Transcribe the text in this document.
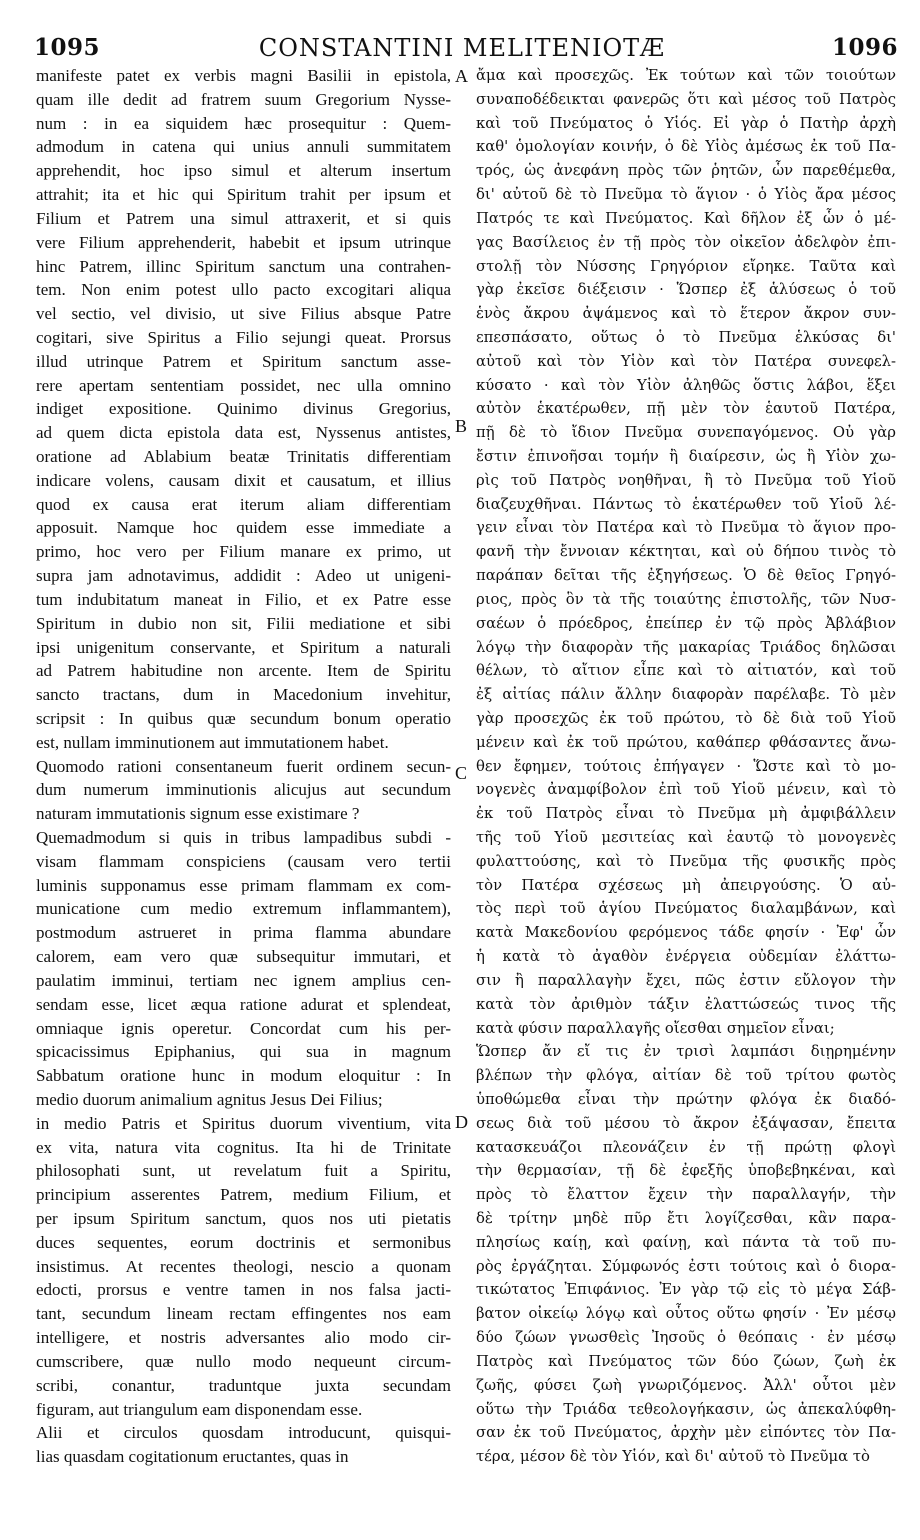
1095	CONSTANTINI MELITENIOTÆ	1096
manifeste patet ex verbis magni Basilii in epistola,
quam ille dedit ad fratrem suum Gregorium Nysse-
num : in ea siquidem hæc prosequitur : Quem-
admodum in catena qui unius annuli summitatem
apprehendit, hoc ipso simul et alterum insertum
attrahit; ita et hic qui Spiritum trahit per ipsum et
Filium et Patrem una simul attraxerit, et si quis
vere Filium apprehenderit, habebit et ipsum utrinque
hinc Patrem, illinc Spiritum sanctum una contrahen-
tem. Non enim potest ullo pacto excogitari aliqua
vel sectio, vel divisio, ut sive Filius absque Patre
cogitari, sive Spiritus a Filio sejungi queat. Prorsus
illud utrinque Patrem et Spiritum sanctum asse-
rere apertam sententiam possidet, nec ulla omnino
indiget expositione. Quinimo divinus Gregorius,
ad quem dicta epistola data est, Nyssenus antistes,
oratione ad Ablabium beatæ Trinitatis differentiam
indicare volens, causam dixit et causatum, et illius
quod ex causa erat iterum aliam differentiam
apposuit. Namque hoc quidem esse immediate a
primo, hoc vero per Filium manare ex primo, ut
supra jam adnotavimus, addidit : Adeo ut unigeni-
tum indubitatum maneat in Filio, et ex Patre esse
Spiritum in dubio non sit, Filii mediatione et sibi
ipsi unigenitum conservante, et Spiritum a naturali
ad Patrem habitudine non arcente. Item de Spiritu
sancto tractans, dum in Macedonium invehitur,
scripsit : In quibus quæ secundum bonum operatio
est, nullam imminutionem aut immutationem habet.
Quomodo rationi consentaneum fuerit ordinem secun-
dum numerum imminutionis alicujus aut secundum
naturam immutationis signum esse existimare ?
Quemadmodum si quis in tribus lampadibus subdi -
visam flammam conspiciens (causam vero tertii
luminis supponamus esse primam flammam ex com-
municatione cum medio extremum inflammantem),
postmodum astrueret in prima flamma abundare
calorem, eam vero quæ subsequitur immutari, et
paulatim imminui, tertiam nec ignem amplius cen-
sendam esse, licet æqua ratione adurat et splendeat,
omniaque ignis operetur. Concordat cum his per-
spicacissimus Epiphanius, qui sua in magnum
Sabbatum oratione hunc in modum eloquitur : In
medio duorum animalium agnitus Jesus Dei Filius;
in medio Patris et Spiritus duorum viventium, vita
ex vita, natura vita cognitus. Ita hi de Trinitate
philosophati sunt, ut revelatum fuit a Spiritu,
principium asserentes Patrem, medium Filium, et
per ipsum Spiritum sanctum, quos nos uti pietatis
duces sequentes, eorum doctrinis et sermonibus
insistimus. At recentes theologi, nescio a quonam
edocti, prorsus e ventre tamen in nos falsa jacti-
tant, secundum lineam rectam effingentes nos eam
intelligere, et nostris adversantes alio modo cir-
cumscribere, quæ nullo modo nequeunt circum-
scribi, conantur, traduntque juxta secundam
figuram, aut triangulum eam disponendam esse.
Alii et circulos quosdam introducunt, quisqui-
lias quasdam cogitationum eructantes, quas in
ἄμα καὶ προσεχῶς. Ἐκ τούτων καὶ τῶν τοιούτων
συναποδέδεικται φανερῶς ὅτι καὶ μέσος τοῦ Πατρὸς
καὶ τοῦ Πνεύματος ὁ Υἱός. Εἰ γὰρ ὁ Πατὴρ ἀρχὴ
καθ' ὁμολογίαν κοινήν, ὁ δὲ Υἱὸς ἀμέσως ἐκ τοῦ Πα-
τρός, ὡς ἀνεφάνη πρὸς τῶν ῥητῶν, ὧν παρεθέμεθα,
δι' αὐτοῦ δὲ τὸ Πνεῦμα τὸ ἅγιον · ὁ Υἱὸς ἄρα μέσος
Πατρός τε καὶ Πνεύματος. Καὶ δῆλον ἐξ ὧν ὁ μέ-
γας Βασίλειος ἐν τῇ πρὸς τὸν οἰκεῖον ἀδελφὸν ἐπι-
στολῇ τὸν Νύσσης Γρηγόριον εἴρηκε. Ταῦτα καὶ
γὰρ ἐκεῖσε διέξεισιν · Ὥσπερ ἐξ ἁλύσεως ὁ τοῦ
ἑνὸς ἄκρου ἀψάμενος καὶ τὸ ἕτερον ἄκρον συν-
επεσπάσατο, οὕτως ὁ τὸ Πνεῦμα ἑλκύσας δι'
αὐτοῦ καὶ τὸν Υἱὸν καὶ τὸν Πατέρα συνεφελ-
κύσατο · καὶ τὸν Υἱὸν ἀληθῶς ὅστις λάβοι, ἕξει
αὐτὸν ἑκατέρωθεν, πῇ μὲν τὸν ἑαυτοῦ Πατέρα,
πῇ δὲ τὸ ἴδιον Πνεῦμα συνεπαγόμενος. Οὐ γὰρ
ἔστιν ἐπινοῆσαι τομήν ἢ διαίρεσιν, ὡς ἢ Υἱὸν χω-
ρὶς τοῦ Πατρὸς νοηθῆναι, ἢ τὸ Πνεῦμα τοῦ Υἱοῦ
διαζευχθῆναι. Πάντως τὸ ἑκατέρωθεν τοῦ Υἱοῦ λέ-
γειν εἶναι τὸν Πατέρα καὶ τὸ Πνεῦμα τὸ ἅγιον προ-
φανῆ τὴν ἔννοιαν κέκτηται, καὶ οὐ δήπου τινὸς τὸ
παράπαν δεῖται τῆς ἐξηγήσεως. Ὁ δὲ θεῖος Γρηγό-
ριος, πρὸς ὃν τὰ τῆς τοιαύτης ἐπιστολῆς, τῶν Νυσ-
σαέων ὁ πρόεδρος, ἐπείπερ ἐν τῷ πρὸς Ἀβλάβιον
λόγῳ τὴν διαφορὰν τῆς μακαρίας Τριάδος δηλῶσαι
θέλων, τὸ αἴτιον εἶπε καὶ τὸ αἰτιατόν, καὶ τοῦ
ἐξ αἰτίας πάλιν ἄλλην διαφορὰν παρέλαβε. Τὸ μὲν
γὰρ προσεχῶς ἐκ τοῦ πρώτου, τὸ δὲ διὰ τοῦ Υἱοῦ
μένειν καὶ ἐκ τοῦ πρώτου, καθάπερ φθάσαντες ἄνω-
θεν ἔφημεν, τούτοις ἐπήγαγεν · Ὥστε καὶ τὸ μο-
νογενὲς ἀναμφίβολον ἐπὶ τοῦ Υἱοῦ μένειν, καὶ τὸ
ἐκ τοῦ Πατρὸς εἶναι τὸ Πνεῦμα μὴ ἀμφιβάλλειν
τῆς τοῦ Υἱοῦ μεσιτείας καὶ ἑαυτῷ τὸ μονογενὲς
φυλαττούσης, καὶ τὸ Πνεῦμα τῆς φυσικῆς πρὸς
τὸν Πατέρα σχέσεως μὴ ἀπειργούσης. Ὁ αὐ-
τὸς περὶ τοῦ ἁγίου Πνεύματος διαλαμβάνων, καὶ
κατὰ Μακεδονίου φερόμενος τάδε φησίν · Ἐφ' ὧν
ἡ κατὰ τὸ ἀγαθὸν ἐνέργεια οὐδεμίαν ἐλάττω-
σιν ἢ παραλλαγὴν ἔχει, πῶς ἐστιν εὔλογον τὴν
κατὰ τὸν ἀριθμὸν τάξιν ἐλαττώσεώς τινος τῆς
κατὰ φύσιν παραλλαγῆς οἴεσθαι σημεῖον εἶναι;
Ὥσπερ ἄν εἴ τις ἐν τρισὶ λαμπάσι διῃρημένην
βλέπων τὴν φλόγα, αἰτίαν δὲ τοῦ τρίτου φωτὸς
ὑποθώμεθα εἶναι τὴν πρώτην φλόγα ἐκ διαδό-
σεως διὰ τοῦ μέσου τὸ ἄκρον ἐξάψασαν, ἔπειτα
κατασκευάζοι πλεονάζειν ἐν τῇ πρώτῃ φλογὶ
τὴν θερμασίαν, τῇ δὲ ἐφεξῆς ὑποβεβηκέναι, καὶ
πρὸς τὸ ἔλαττον ἔχειν τὴν παραλλαγήν, τὴν
δὲ τρίτην μηδὲ πῦρ ἔτι λογίζεσθαι, κἂν παρα-
πλησίως καίῃ, καὶ φαίνῃ, καὶ πάντα τὰ τοῦ πυ-
ρὸς ἐργάζηται. Σύμφωνός ἐστι τούτοις καὶ ὁ διορα-
τικώτατος Ἐπιφάνιος. Ἐν γὰρ τῷ εἰς τὸ μέγα Σάβ-
βατον οἰκείῳ λόγῳ καὶ οὗτος οὕτω φησίν · Ἐν μέσῳ
δύο ζώων γνωσθεὶς Ἰησοῦς ὁ θεόπαις · ἐν μέσῳ
Πατρὸς καὶ Πνεύματος τῶν δύο ζώων, ζωὴ ἐκ
ζωῆς, φύσει ζωὴ γνωριζόμενος. Ἀλλ' οὗτοι μὲν
οὕτω τὴν Τριάδα τεθεολογήκασιν, ὡς ἀπεκαλύφθη-
σαν ἐκ τοῦ Πνεύματος, ἀρχὴν μὲν εἰπόντες τὸν Πα-
τέρα, μέσον δὲ τὸν Υἱόν, καὶ δι' αὐτοῦ τὸ Πνεῦμα τὸ
A
B
C
D
